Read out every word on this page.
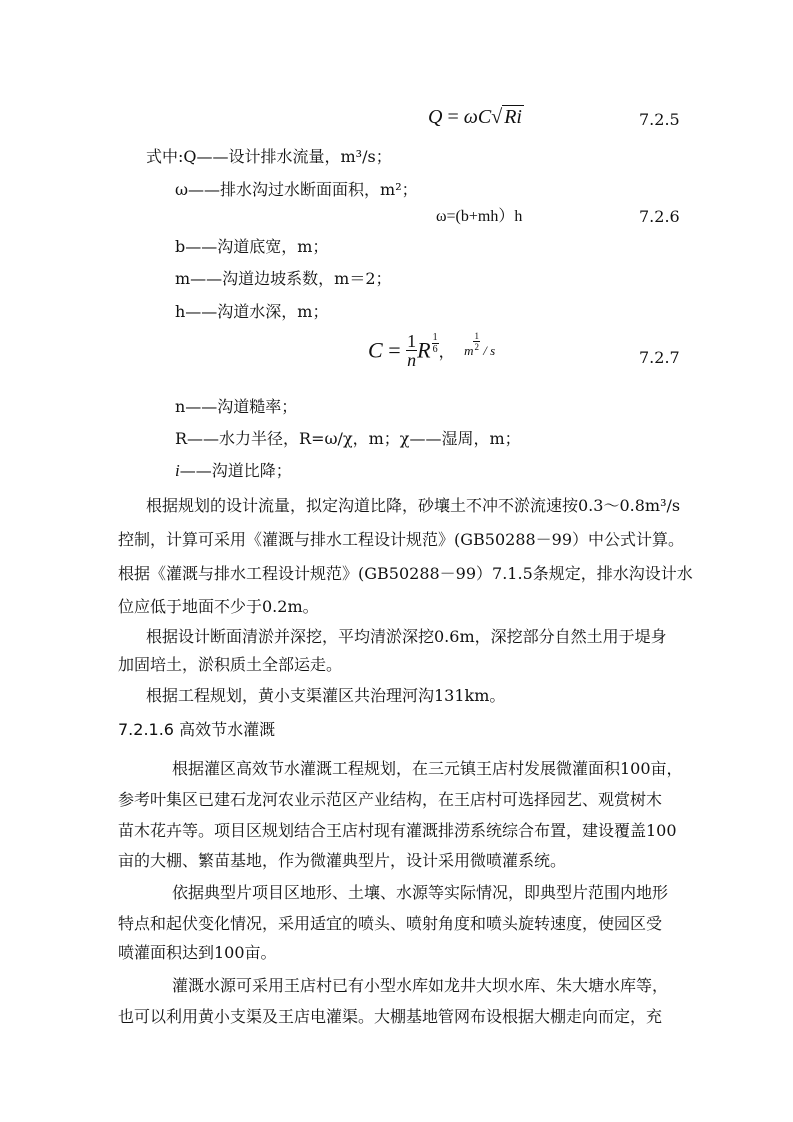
Q = ωC√ Ri	7.2.5
式中:Q——设计排水流量，m³/s；
ω——排水沟过水断面面积，m²；
ω=(b+mh）h	7.2.6
b——沟道底宽，m；
m——沟道边坡系数，m＝2；
h——沟道水深，m；
$C = \frac{1}{n}$ R $\frac{1}{6}$ ， m $\frac{1}{2}$ / s	7.2.7
n——沟道糙率；
R——水力半径，R=ω/χ，m；χ——湿周，m；
i——沟道比降；
根据规划的设计流量，拟定沟道比降，砂壤土不冲不淤流速按0.3～0.8m³/s
控制，计算可采用《灌溉与排水工程设计规范》(GB50288－99）中公式计算。
根据《灌溉与排水工程设计规范》(GB50288－99）7.1.5条规定，排水沟设计水
位应低于地面不少于0.2m。
根据设计断面清淤并深挖，平均清淤深挖0.6m，深挖部分自然土用于堤身
加固培土，淤积质土全部运走。
根据工程规划，黄小支渠灌区共治理河沟131km。
7.2.1.6 高效节水灌溉
根据灌区高效节水灌溉工程规划，在三元镇王店村发展微灌面积100亩，
参考叶集区已建石龙河农业示范区产业结构，在王店村可选择园艺、观赏树木
苗木花卉等。项目区规划结合王店村现有灌溉排涝系统综合布置，建设覆盖100
亩的大棚、繁苗基地，作为微灌典型片，设计采用微喷灌系统。
依据典型片项目区地形、土壤、水源等实际情况，即典型片范围内地形
特点和起伏变化情况，采用适宜的喷头、喷射角度和喷头旋转速度，使园区受
喷灌面积达到100亩。
灌溉水源可采用王店村已有小型水库如龙井大坝水库、朱大塘水库等，
也可以利用黄小支渠及王店电灌渠。大棚基地管网布设根据大棚走向而定，充
